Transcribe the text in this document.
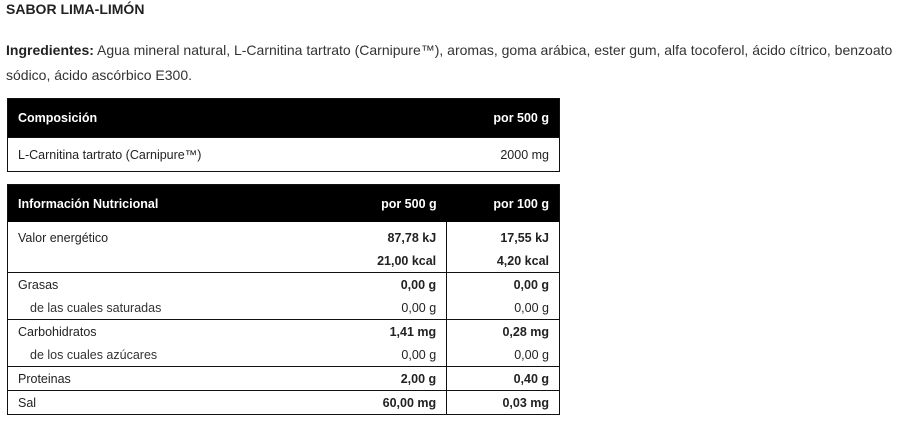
SABOR LIMA-LIMÓN
Ingredientes: Agua mineral natural, L-Carnitina tartrato (Carnipure™), aromas, goma arábica, ester gum, alfa tocoferol, ácido cítrico, benzoato sódico, ácido ascórbico E300.
Composición	por 500 g
L-Carnitina tartrato (Carnipure™)	2000 mg
Información Nutricional	por 500 g	por 100 g
Valor energético	87,78 kJ	17,55 kJ
	21,00 kcal	4,20 kcal
Grasas	0,00 g	0,00 g
de las cuales saturadas	0,00 g	0,00 g
Carbohidratos	1,41 mg	0,28 mg
de los cuales azúcares	0,00 g	0,00 g
Proteinas	2,00 g	0,40 g
Sal	60,00 mg	0,03 mg
